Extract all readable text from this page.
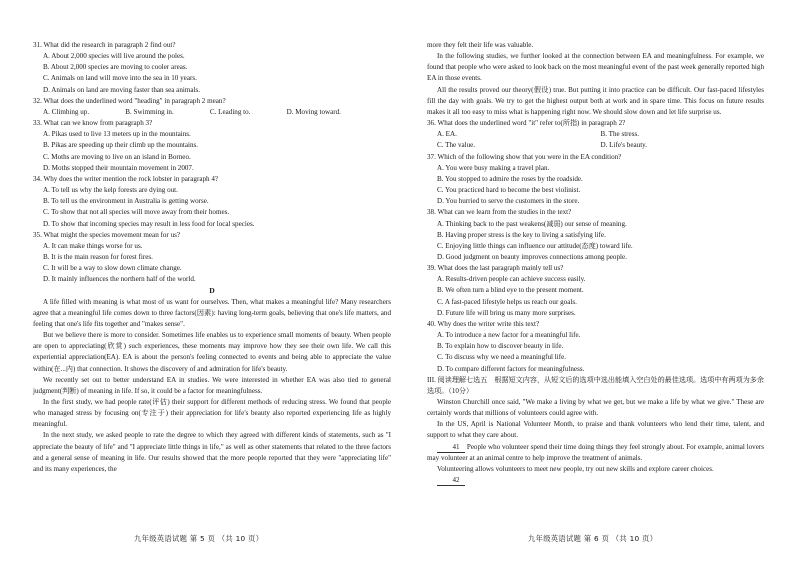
31. What did the research in paragraph 2 find out?
A. About 2,000 species will live around the poles.
B. About 2,000 species are moving to cooler areas.
C. Animals on land will move into the sea in 10 years.
D. Animals on land are moving faster than sea animals.
32. What does the underlined word "heading" in paragraph 2 mean?
A. Climbing up.	B. Swimming in.	C. Leading to.	D. Moving toward.
33. What can we know from paragraph 3?
A. Pikas used to live 13 meters up in the mountains.
B. Pikas are speeding up their climb up the mountains.
C. Moths are moving to live on an island in Borneo.
D. Moths stopped their mountain movement in 2007.
34. Why does the writer mention the rock lobster in paragraph 4?
A. To tell us why the kelp forests are dying out.
B. To tell us the environment in Australia is getting worse.
C. To show that not all species will move away from their homes.
D. To show that incoming species may result in less food for local species.
35. What might the species movement mean for us?
A. It can make things worse for us.
B. It is the main reason for forest fires.
C. It will be a way to slow down climate change.
D. It mainly influences the northern half of the world.
D
A life filled with meaning is what most of us want for ourselves. Then, what makes a meaningful life? Many researchers agree that a meaningful life comes down to three factors(因素): having long-term goals, believing that one's life matters, and feeling that one's life fits together and "makes sense".
But we believe there is more to consider. Sometimes life enables us to experience small moments of beauty. When people are open to appreciating(欣赏) such experiences, these moments may improve how they see their own life. We call this experiential appreciation(EA). EA is about the person's feeling connected to events and being able to appreciate the value within(在...内) that connection. It shows the discovery of and admiration for life's beauty.
We recently set out to better understand EA in studies. We were interested in whether EA was also tied to general judgment(判断) of meaning in life. If so, it could be a factor for meaningfulness.
In the first study, we had people rate(评估) their support for different methods of reducing stress. We found that people who managed stress by focusing on(专注于) their appreciation for life's beauty also reported experiencing life as highly meaningful.
In the next study, we asked people to rate the degree to which they agreed with different kinds of statements, such as "I appreciate the beauty of life" and "I appreciate little things in life," as well as other statements that related to the three factors and a general sense of meaning in life. Our results showed that the more people reported that they were "appreciating life" and its many experiences, the
more they felt their life was valuable.
In the following studies, we further looked at the connection between EA and meaningfulness. For example, we found that people who were asked to look back on the most meaningful event of the past week generally reported high EA in those events.
All the results proved our theory(假设) true. But putting it into practice can be difficult. Our fast-paced lifestyles fill the day with goals. We try to get the highest output both at work and in spare time. This focus on future results makes it all too easy to miss what is happening right now. We should slow down and let life surprise us.
36. What does the underlined word "it" refer to(所指) in paragraph 2?
A. EA.	B. The stress.
C. The value.	D. Life's beauty.
37. Which of the following show that you were in the EA condition?
A. You were busy making a travel plan.
B. You stopped to admire the roses by the roadside.
C. You practiced hard to become the best violinist.
D. You hurried to serve the customers in the store.
38. What can we learn from the studies in the text?
A. Thinking back to the past weakens(减弱) our sense of meaning.
B. Having proper stress is the key to living a satisfying life.
C. Enjoying little things can influence our attitude(态度) toward life.
D. Good judgment on beauty improves connections among people.
39. What does the last paragraph mainly tell us?
A. Results-driven people can achieve success easily.
B. We often turn a blind eye to the present moment.
C. A fast-paced lifestyle helps us reach our goals.
D. Future life will bring us many more surprises.
40. Why does the writer write this text?
A. To introduce a new factor for a meaningful life.
B. To explain how to discover beauty in life.
C. To discuss why we need a meaningful life.
D. To compare different factors for meaningfulness.
III. 阅读理解七选五　根据短文内容，从短文后的选项中选出能填入空白处的最佳选项。选项中有两项为多余选项。（10分）
Winston Churchill once said, "We make a living by what we get, but we make a life by what we give." These are certainly words that millions of volunteers could agree with.
In the US, April is National Volunteer Month, to praise and thank volunteers who lend their time, talent, and support to what they care about.
41 People who volunteer spend their time doing things they feel strongly about. For example, animal lovers may volunteer at an animal centre to help improve the treatment of animals.
Volunteering allows volunteers to meet new people, try out new skills and explore career choices.
42
九年级英语试题 第 5 页 （共 10 页）	九年级英语试题 第 6 页 （共 10 页）
